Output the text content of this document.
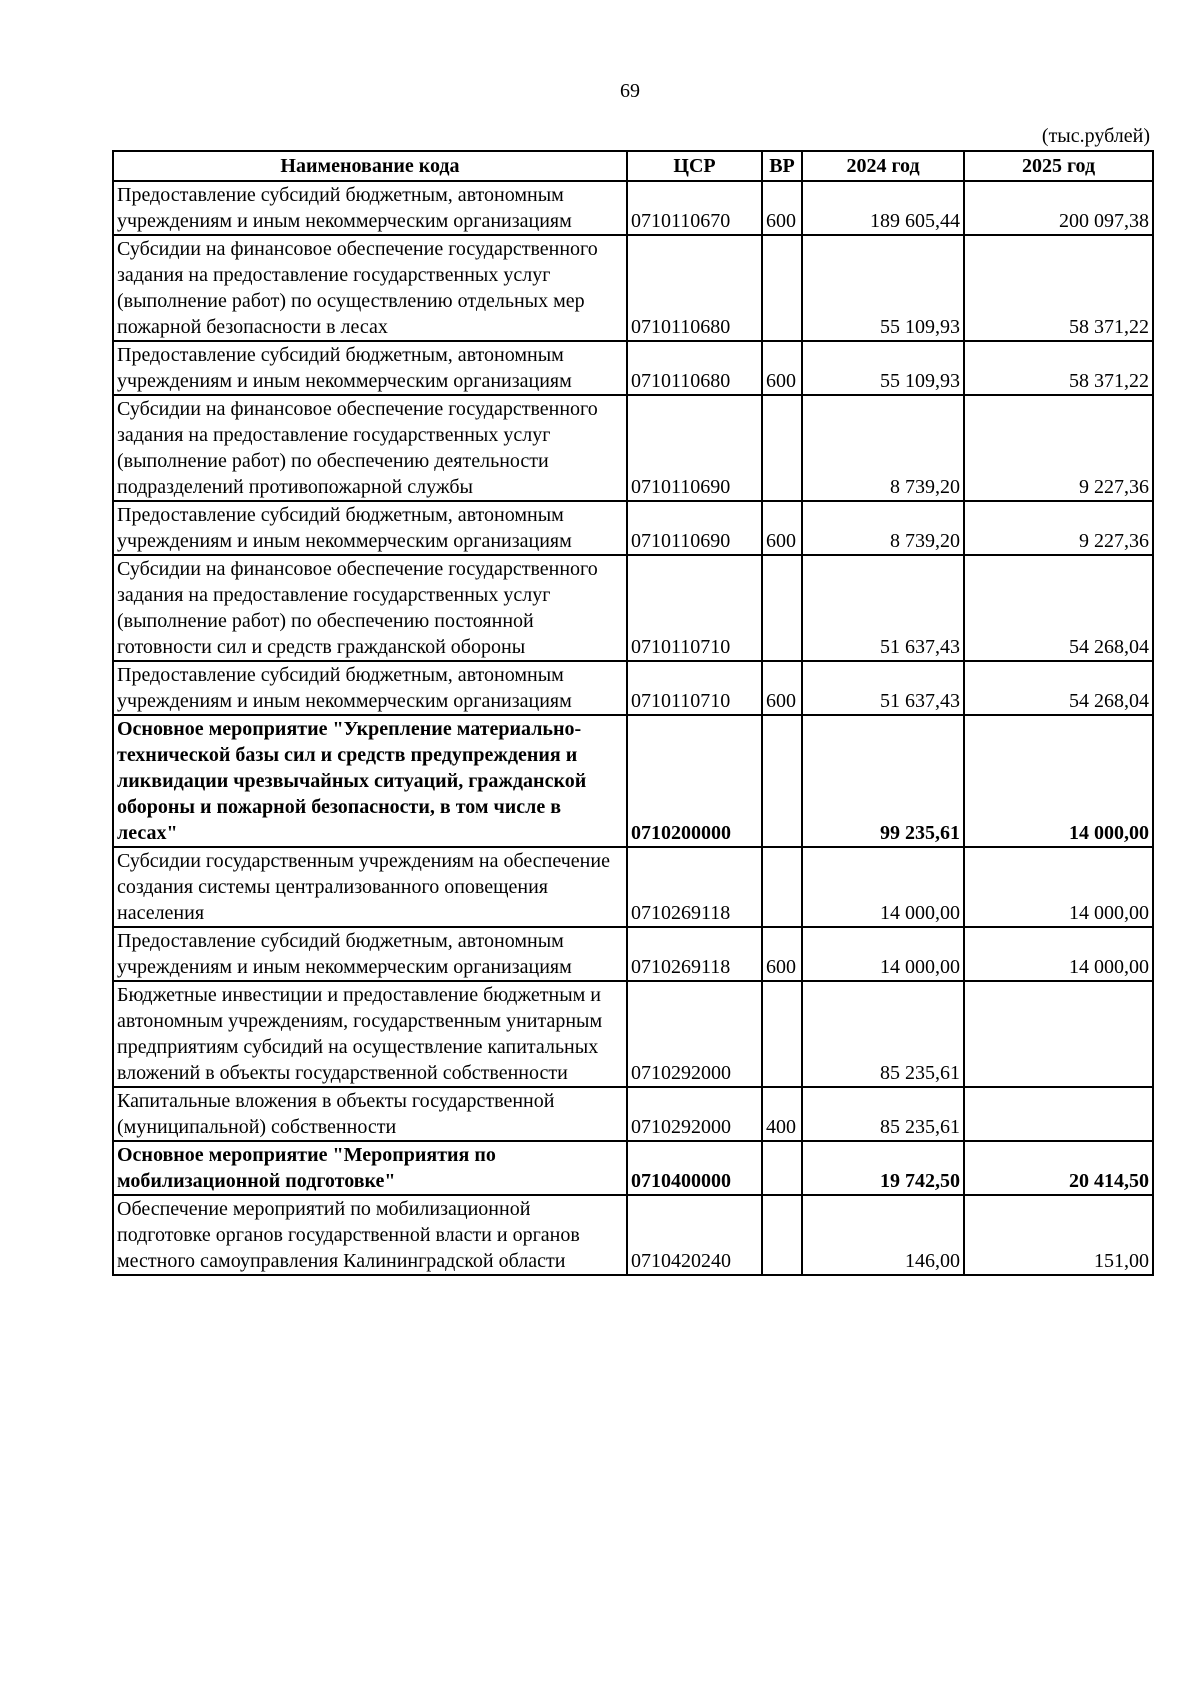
69
(тыс.рублей)
Наименование кода	ЦСР	ВР	2024 год	2025 год
Предоставление субсидий бюджетным, автономным учреждениям и иным некоммерческим организациям	0710110670	600	189 605,44	200 097,38
Субсидии на финансовое обеспечение государственного задания на предоставление государственных услуг (выполнение работ) по осуществлению отдельных мер пожарной безопасности в лесах	0710110680		55 109,93	58 371,22
Предоставление субсидий бюджетным, автономным учреждениям и иным некоммерческим организациям	0710110680	600	55 109,93	58 371,22
Субсидии на финансовое обеспечение государственного задания на предоставление государственных услуг (выполнение работ) по обеспечению деятельности подразделений противопожарной службы	0710110690		8 739,20	9 227,36
Предоставление субсидий бюджетным, автономным учреждениям и иным некоммерческим организациям	0710110690	600	8 739,20	9 227,36
Субсидии на финансовое обеспечение государственного задания на предоставление государственных услуг (выполнение работ) по обеспечению постоянной готовности сил и средств гражданской обороны	0710110710		51 637,43	54 268,04
Предоставление субсидий бюджетным, автономным учреждениям и иным некоммерческим организациям	0710110710	600	51 637,43	54 268,04
Основное мероприятие "Укрепление материально-технической базы сил и средств предупреждения и ликвидации чрезвычайных ситуаций, гражданской обороны и пожарной безопасности, в том числе в лесах"	0710200000		99 235,61	14 000,00
Субсидии государственным учреждениям на обеспечение создания системы централизованного оповещения населения	0710269118		14 000,00	14 000,00
Предоставление субсидий бюджетным, автономным учреждениям и иным некоммерческим организациям	0710269118	600	14 000,00	14 000,00
Бюджетные инвестиции и предоставление бюджетным и автономным учреждениям, государственным унитарным предприятиям субсидий на осуществление капитальных вложений в объекты государственной собственности	0710292000		85 235,61	
Капитальные вложения в объекты государственной (муниципальной) собственности	0710292000	400	85 235,61	
Основное мероприятие "Мероприятия по мобилизационной подготовке"	0710400000		19 742,50	20 414,50
Обеспечение мероприятий по мобилизационной подготовке органов государственной власти и органов местного самоуправления Калининградской области	0710420240		146,00	151,00
